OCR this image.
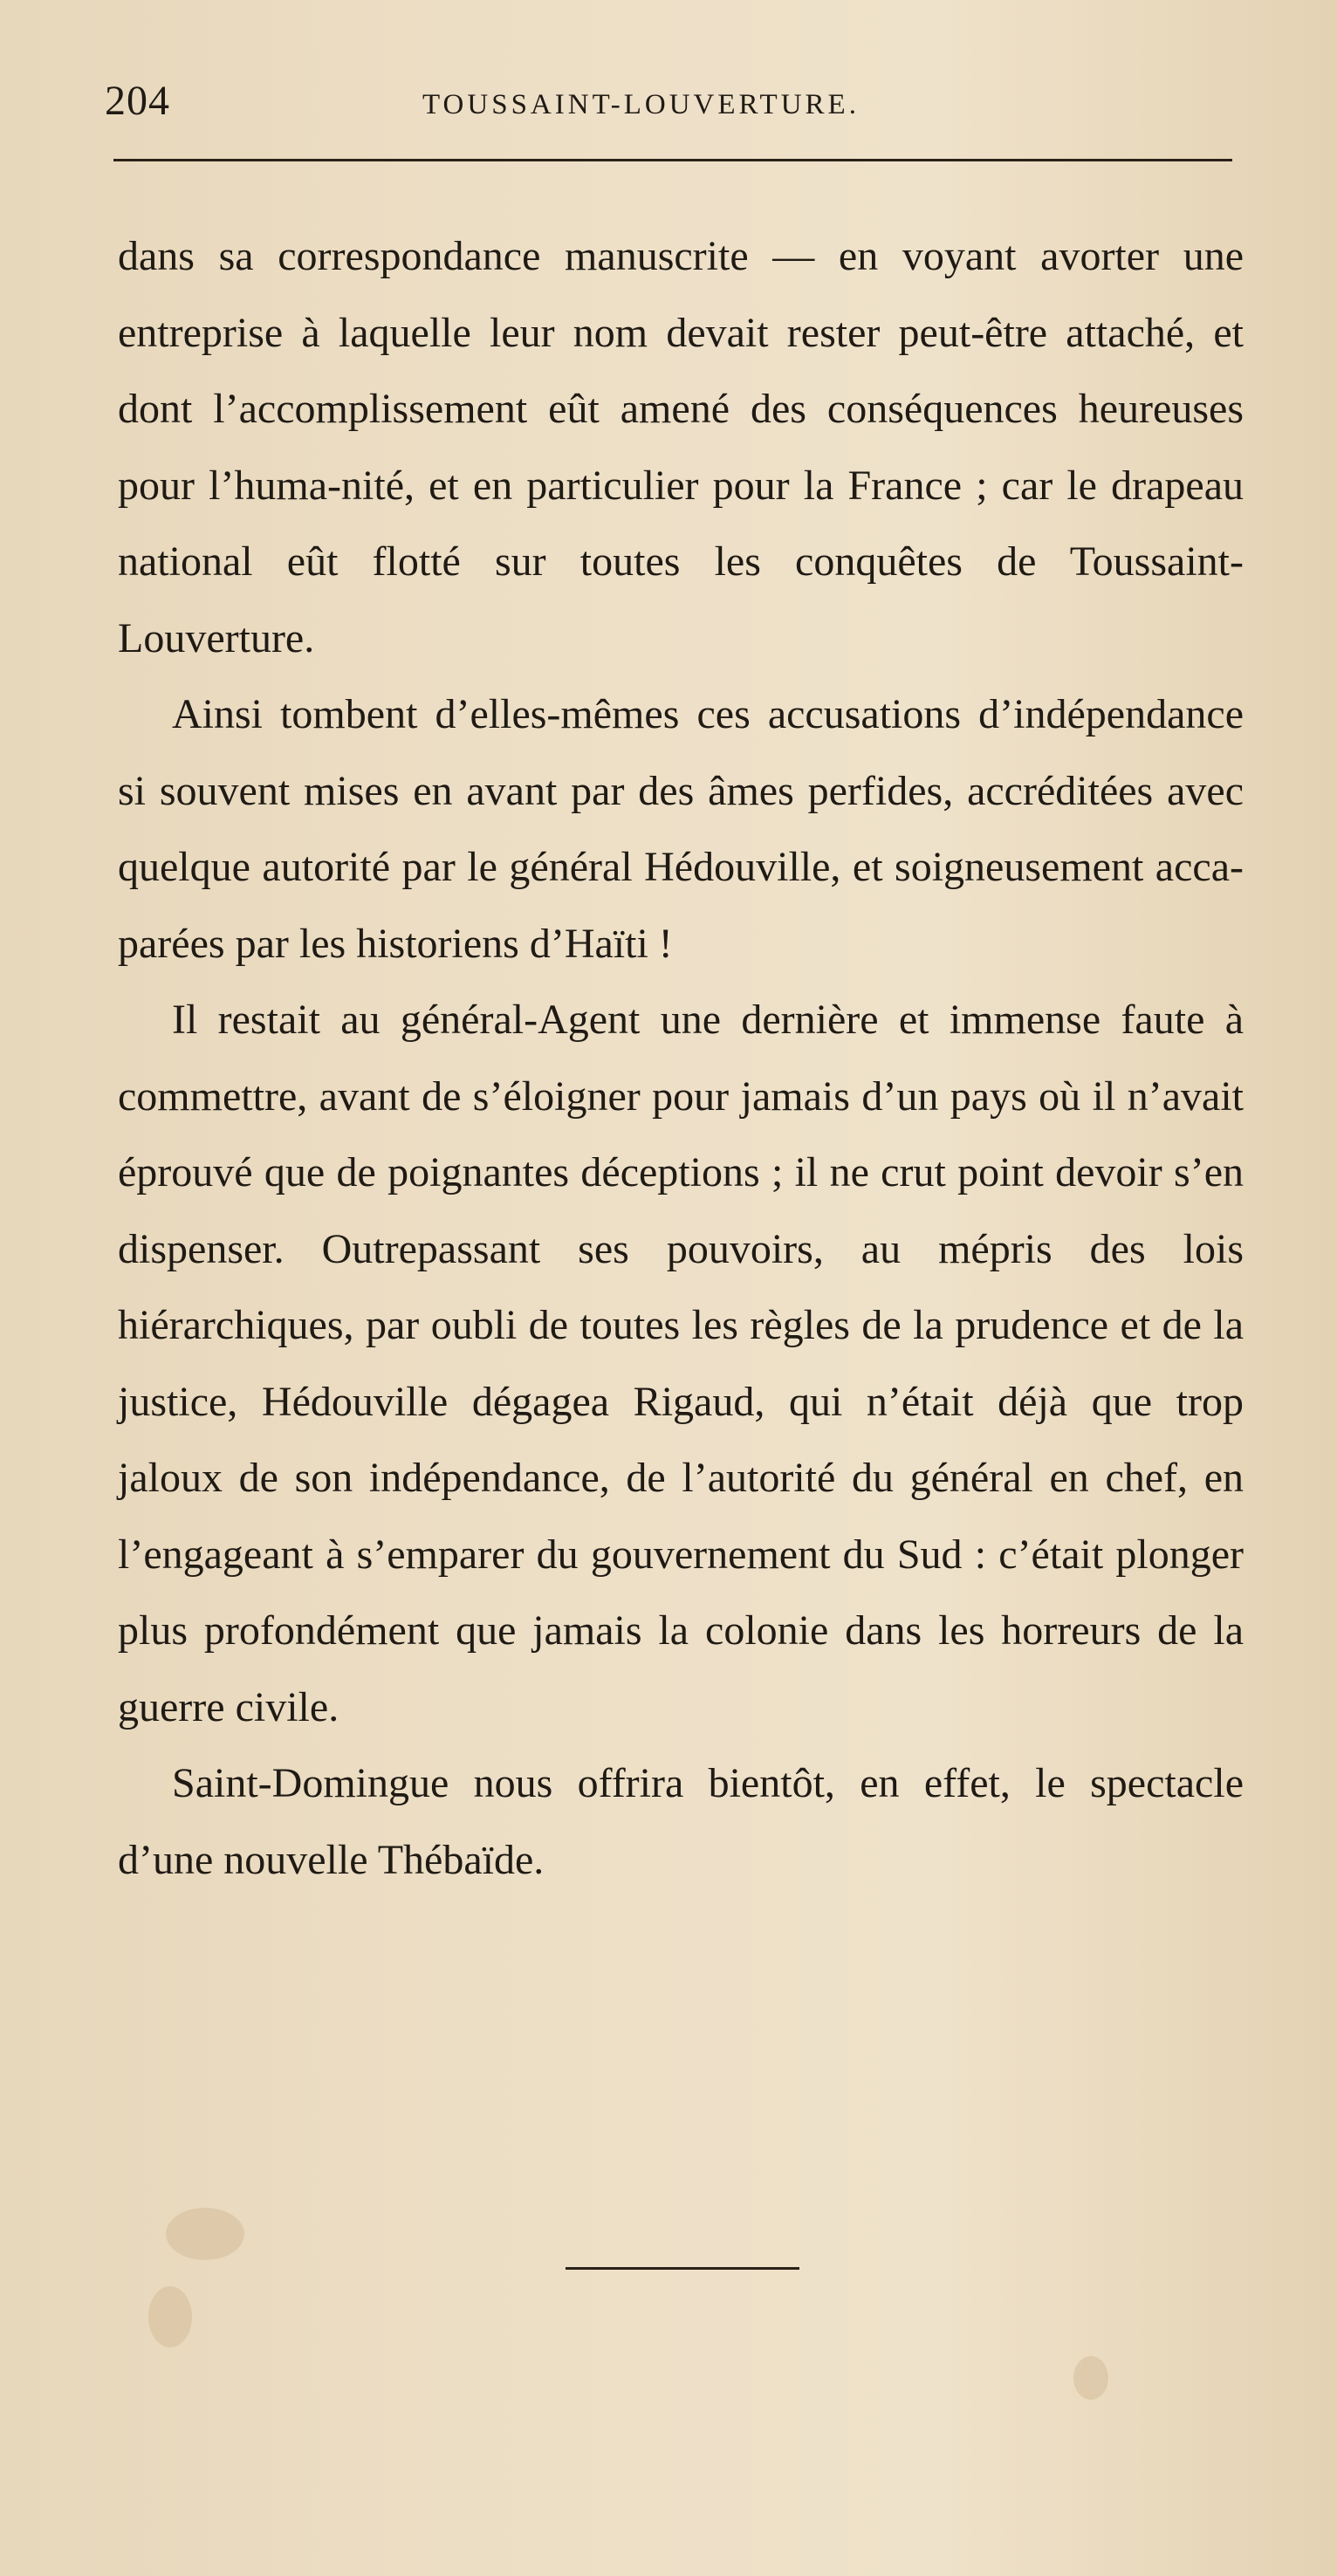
204	TOUSSAINT-LOUVERTURE.

dans sa correspondance manuscrite — en voyant avorter une entreprise à laquelle leur nom devait rester peut-être attaché, et dont l’accomplissement eût amené des conséquences heureuses pour l’huma-nité, et en particulier pour la France ; car le drapeau national eût flotté sur toutes les conquêtes de Toussaint-Louverture.

Ainsi tombent d’elles-mêmes ces accusations d’indépendance si souvent mises en avant par des âmes perfides, accréditées avec quelque autorité par le général Hédouville, et soigneusement acca-parées par les historiens d’Haïti !

Il restait au général-Agent une dernière et immense faute à commettre, avant de s’éloigner pour jamais d’un pays où il n’avait éprouvé que de poignantes déceptions ; il ne crut point devoir s’en dispenser. Outrepassant ses pouvoirs, au mépris des lois hiérarchiques, par oubli de toutes les règles de la prudence et de la justice, Hédouville dégagea Rigaud, qui n’était déjà que trop jaloux de son indépendance, de l’autorité du général en chef, en l’engageant à s’emparer du gouvernement du Sud : c’était plonger plus profondément que jamais la colonie dans les horreurs de la guerre civile.

Saint-Domingue nous offrira bientôt, en effet, le spectacle d’une nouvelle Thébaïde.
